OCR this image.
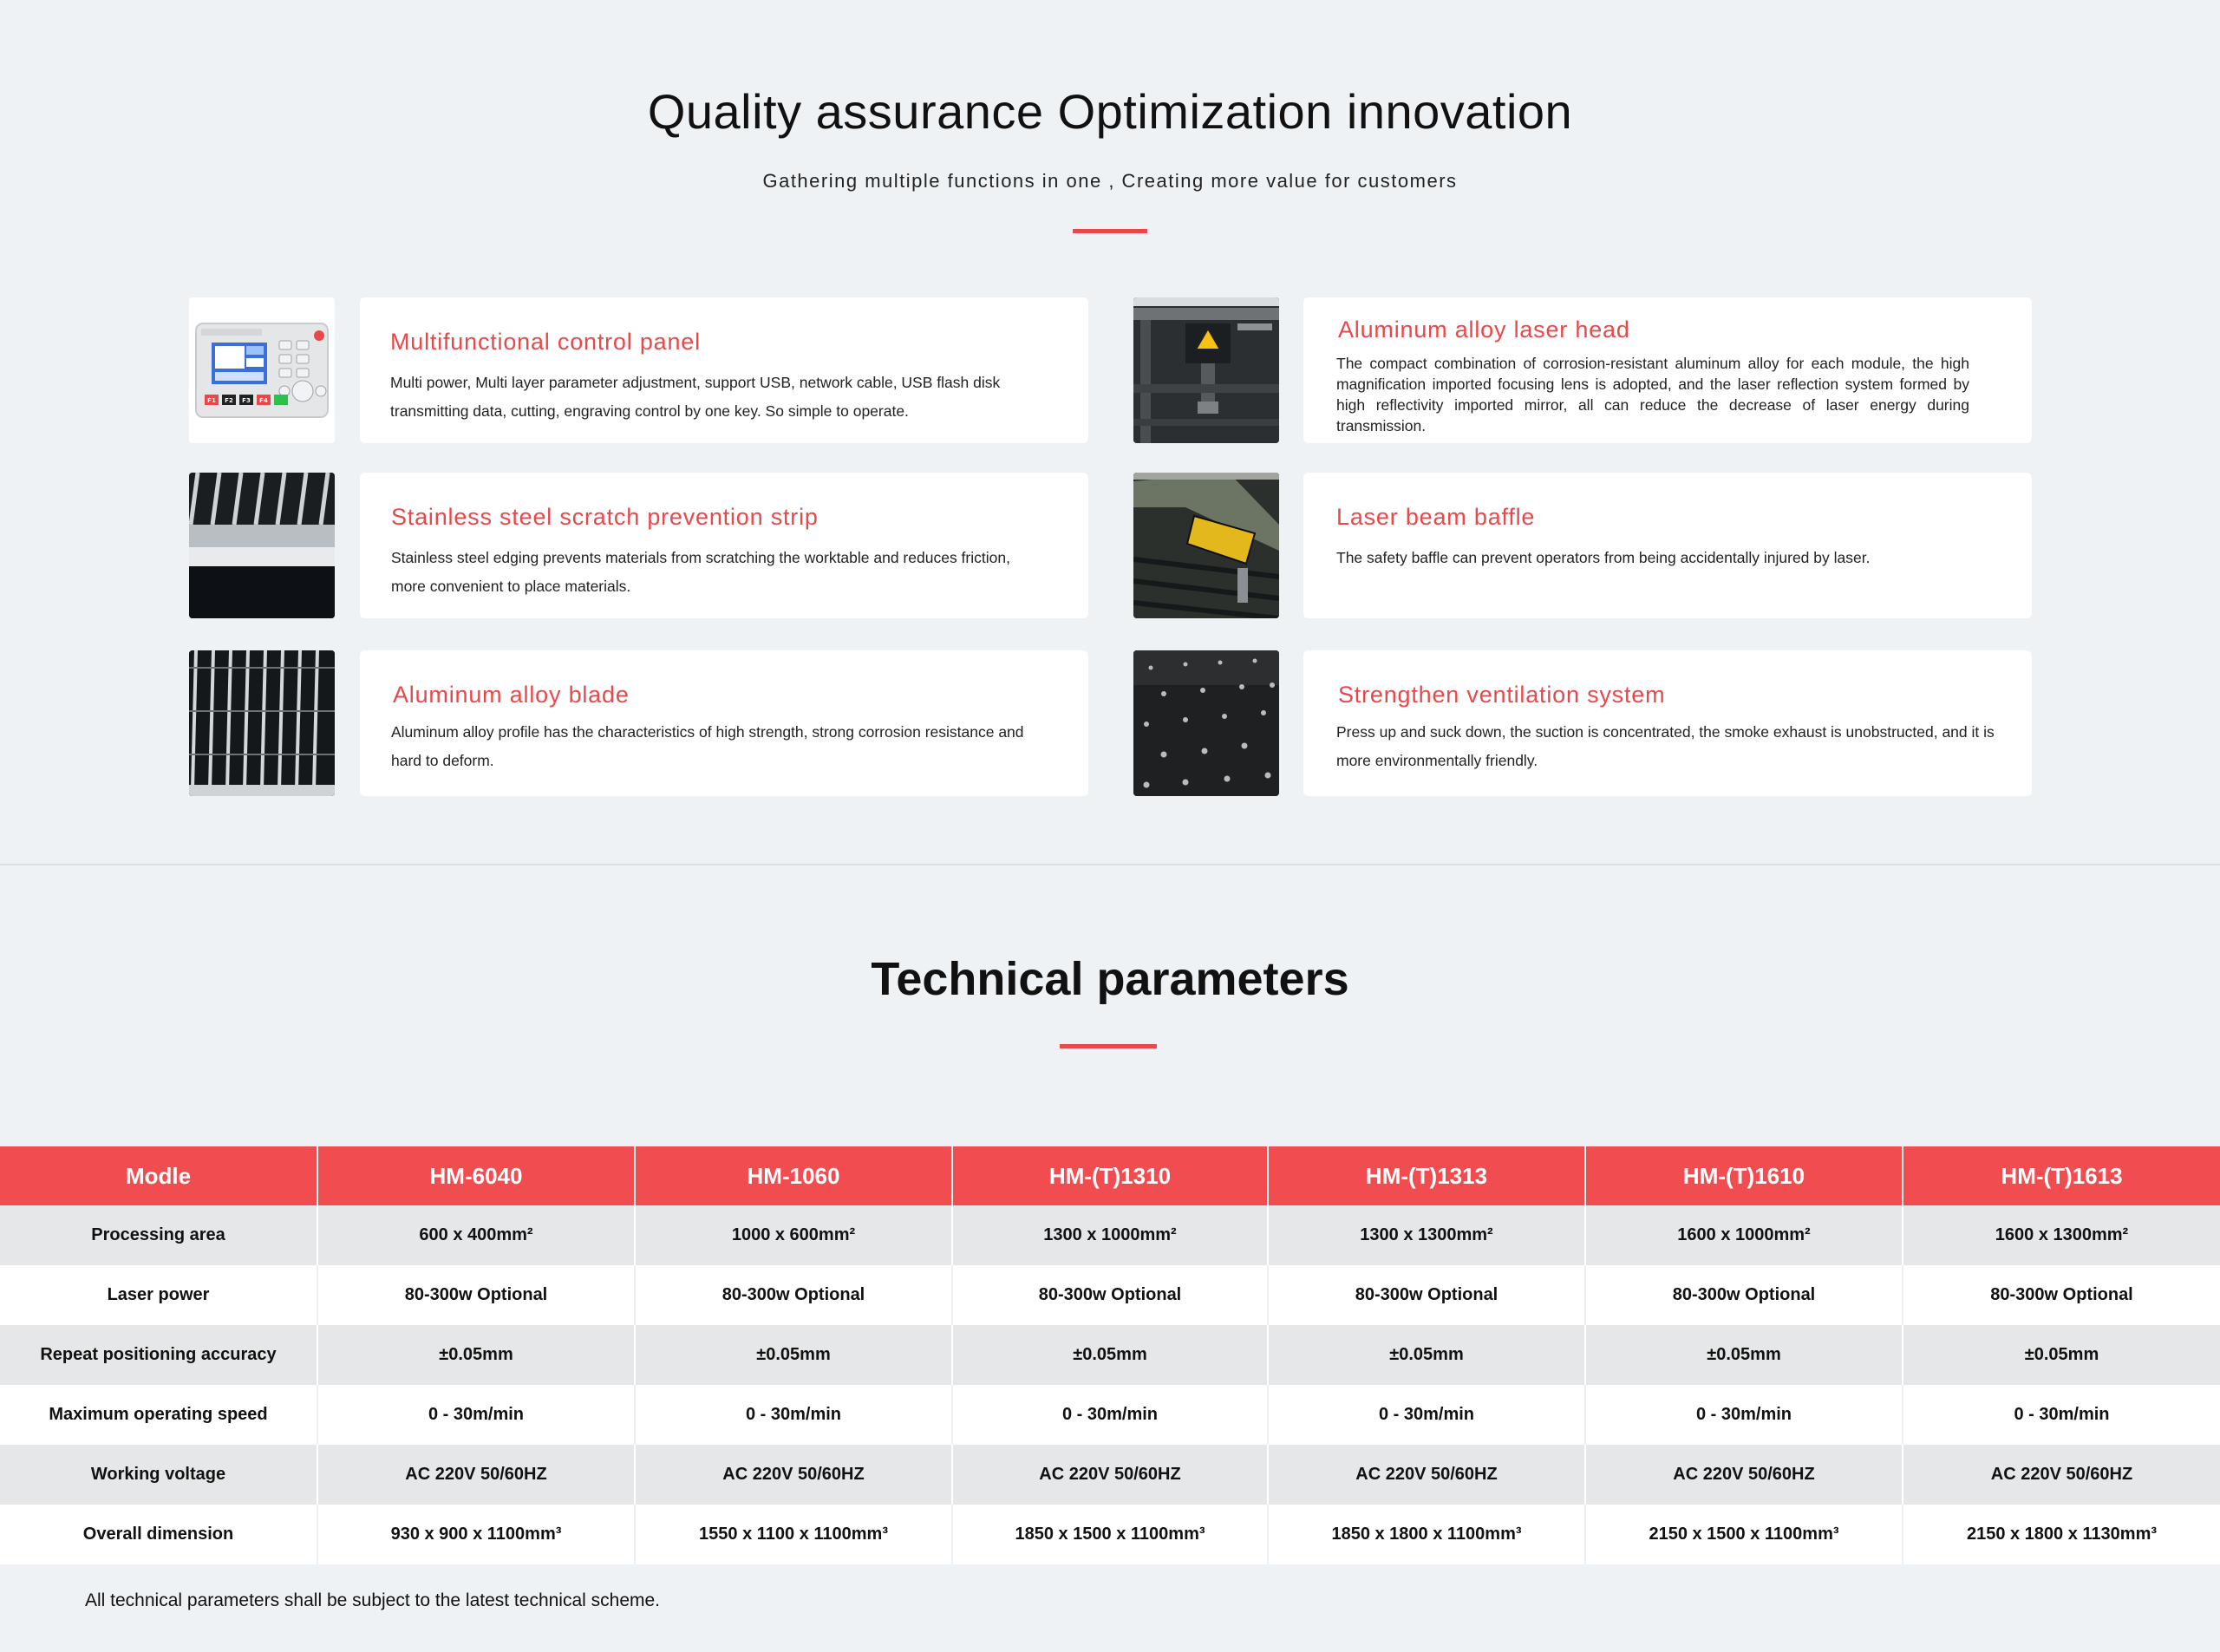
Quality assurance Optimization innovation
Gathering multiple functions in one , Creating more value for customers
F1 F2 F3 F4
Multifunctional control panel
Multi power, Multi layer parameter adjustment, support USB, network cable, USB flash disk transmitting data, cutting, engraving control by one key. So simple to operate.
Aluminum alloy laser head
The compact combination of corrosion-resistant aluminum alloy for each module, the high magnification imported focusing lens is adopted, and the laser reflection system formed by high reflectivity imported mirror, all can reduce the decrease of laser energy during transmission.
Stainless steel scratch prevention strip
Stainless steel edging prevents materials from scratching the worktable and reduces friction, more convenient to place materials.
Laser beam baffle
The safety baffle can prevent operators from being accidentally injured by laser.
Aluminum alloy blade
Aluminum alloy profile has the characteristics of high strength, strong corrosion resistance and hard to deform.
Strengthen ventilation system
Press up and suck down, the suction is concentrated, the smoke exhaust is unobstructed, and it is more environmentally friendly.
Technical parameters
Modle	HM-6040	HM-1060	HM-(T)1310	HM-(T)1313	HM-(T)1610	HM-(T)1613
Processing area	600 x 400mm²	1000 x 600mm²	1300 x 1000mm²	1300 x 1300mm²	1600 x 1000mm²	1600 x 1300mm²
Laser power	80-300w Optional	80-300w Optional	80-300w Optional	80-300w Optional	80-300w Optional	80-300w Optional
Repeat positioning accuracy	±0.05mm	±0.05mm	±0.05mm	±0.05mm	±0.05mm	±0.05mm
Maximum operating speed	0 - 30m/min	0 - 30m/min	0 - 30m/min	0 - 30m/min	0 - 30m/min	0 - 30m/min
Working voltage	AC 220V 50/60HZ	AC 220V 50/60HZ	AC 220V 50/60HZ	AC 220V 50/60HZ	AC 220V 50/60HZ	AC 220V 50/60HZ
Overall dimension	930 x 900 x 1100mm³	1550 x 1100 x 1100mm³	1850 x 1500 x 1100mm³	1850 x 1800 x 1100mm³	2150 x 1500 x 1100mm³	2150 x 1800 x 1130mm³
All technical parameters shall be subject to the latest technical scheme.
